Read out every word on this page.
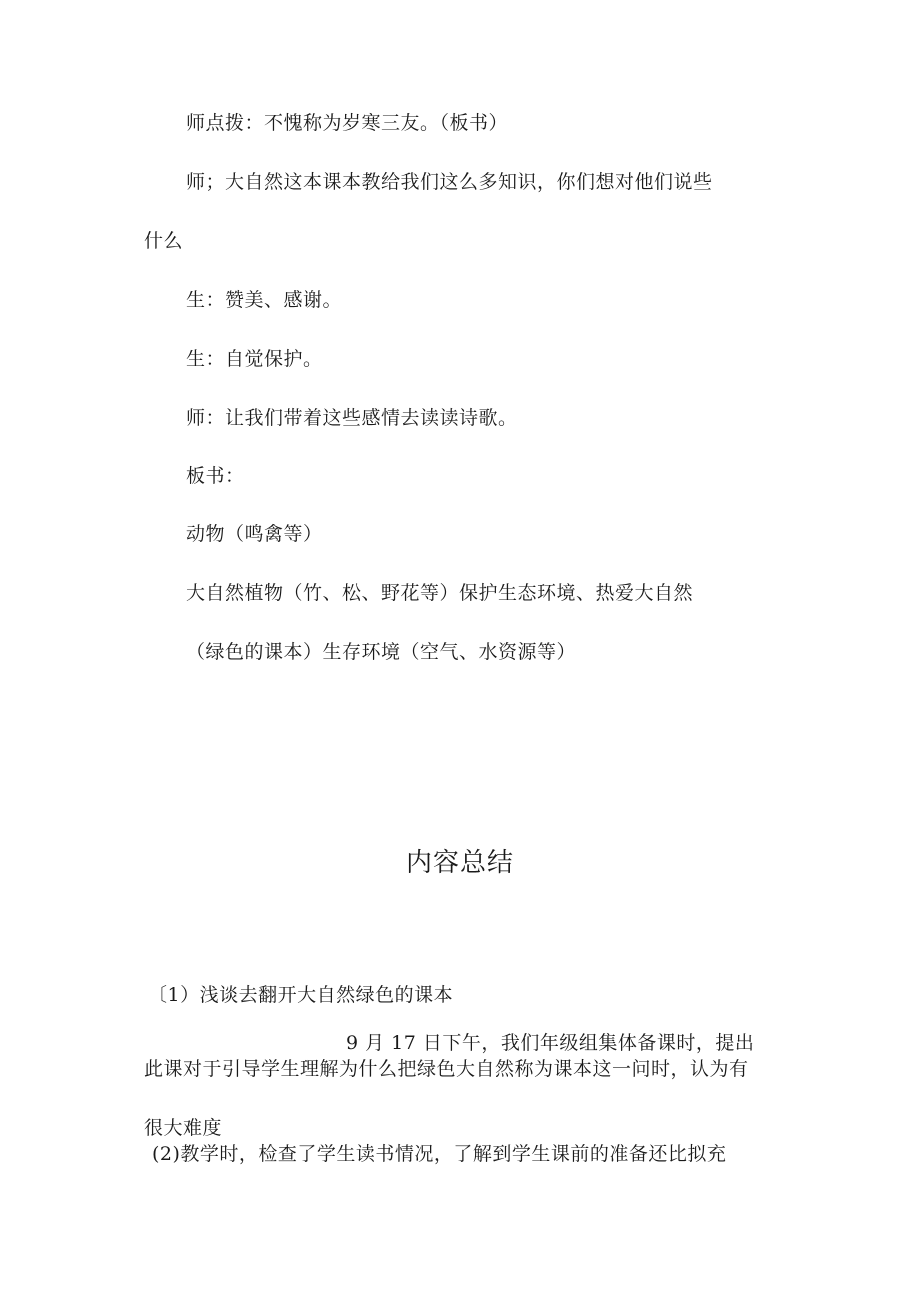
师点拨：不愧称为岁寒三友。（板书）
师；大自然这本课本教给我们这么多知识，你们想对他们说些
什么
生：赞美、感谢。
生：自觉保护。
师：让我们带着这些感情去读读诗歌。
板书：
动物（鸣禽等）
大自然植物（竹、松、野花等）保护生态环境、热爱大自然
（绿色的课本）生存环境（空气、水资源等）
内容总结
〔1）浅谈去翻开大自然绿色的课本
9 月 17 日下午，我们年级组集体备课时，提出
此课对于引导学生理解为什么把绿色大自然称为课本这一问时，认为有
很大难度
(2)教学时，检查了学生读书情况，了解到学生课前的准备还比拟充
